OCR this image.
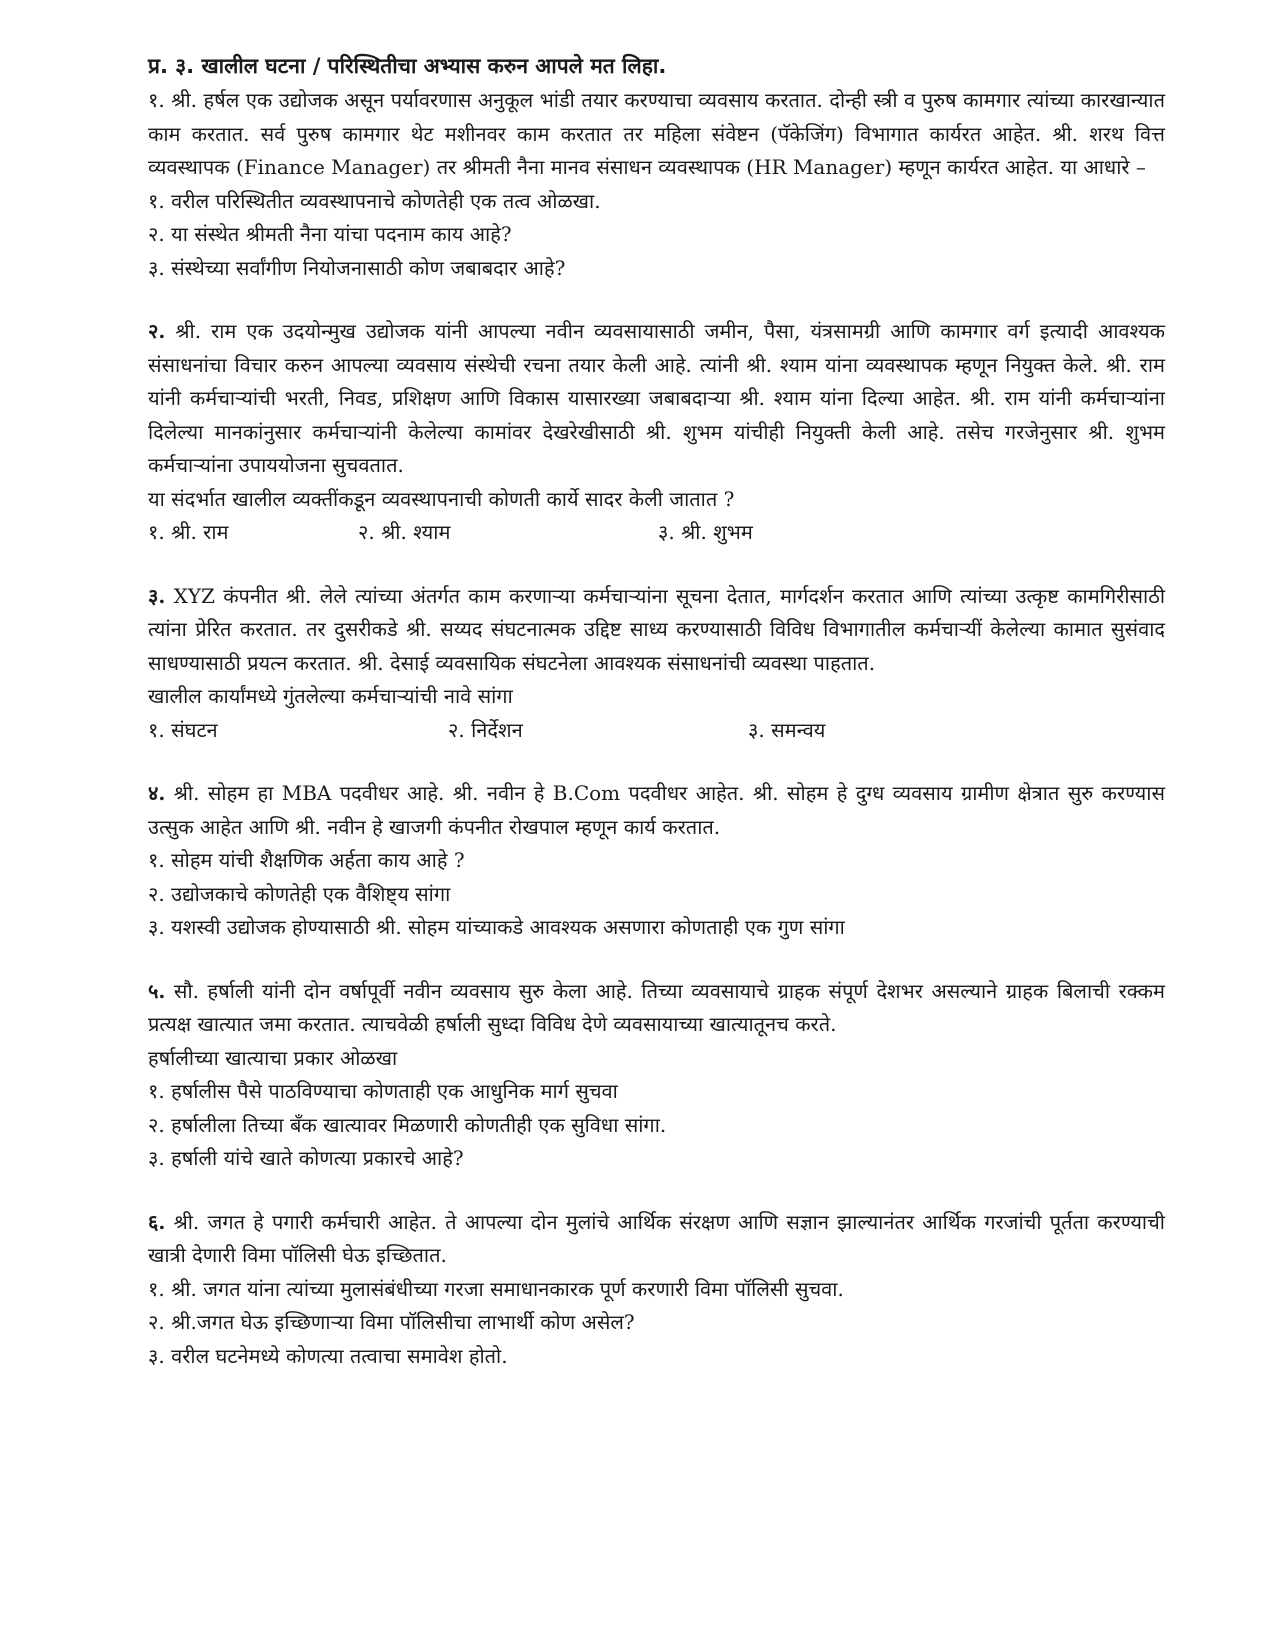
प्र. ३. खालील घटना / परिस्थितीचा अभ्यास करुन आपले मत लिहा.

१. श्री. हर्षल एक उद्योजक असून पर्यावरणास अनुकूल भांडी तयार करण्याचा व्यवसाय करतात. दोन्ही स्त्री व पुरुष कामगार त्यांच्या कारखान्यात काम करतात. सर्व पुरुष कामगार थेट मशीनवर काम करतात तर महिला संवेष्टन (पॅकेजिंग) विभागात कार्यरत आहेत. श्री. शरथ वित्त व्यवस्थापक (Finance Manager) तर श्रीमती नैना मानव संसाधन व्यवस्थापक (HR Manager) म्हणून कार्यरत आहेत. या आधारे –

१. वरील परिस्थितीत व्यवस्थापनाचे कोणतेही एक तत्व ओळखा.

२. या संस्थेत श्रीमती नैना यांचा पदनाम काय आहे?

३. संस्थेच्या सर्वांगीण नियोजनासाठी कोण जबाबदार आहे?

२. श्री. राम एक उदयोन्मुख उद्योजक यांनी आपल्या नवीन व्यवसायासाठी जमीन, पैसा, यंत्रसामग्री आणि कामगार वर्ग इत्यादी आवश्यक संसाधनांचा विचार करुन आपल्या व्यवसाय संस्थेची रचना तयार केली आहे. त्यांनी श्री. श्याम यांना व्यवस्थापक म्हणून नियुक्त केले. श्री. राम यांनी कर्मचाऱ्यांची भरती, निवड, प्रशिक्षण आणि विकास यासारख्या जबाबदाऱ्या श्री. श्याम यांना दिल्या आहेत. श्री. राम यांनी कर्मचाऱ्यांना दिलेल्या मानकांनुसार कर्मचाऱ्यांनी केलेल्या कामांवर देखरेखीसाठी श्री. शुभम यांचीही नियुक्ती केली आहे. तसेच गरजेनुसार श्री. शुभम कर्मचाऱ्यांना उपाययोजना सुचवतात.

या संदर्भात खालील व्यक्तींकडून व्यवस्थापनाची कोणती कार्ये सादर केली जातात ?

१. श्री. राम	२. श्री. श्याम	३. श्री. शुभम

३. XYZ कंपनीत श्री. लेले त्यांच्या अंतर्गत काम करणाऱ्या कर्मचाऱ्यांना सूचना देतात, मार्गदर्शन करतात आणि त्यांच्या उत्कृष्ट कामगिरीसाठी त्यांना प्रेरित करतात. तर दुसरीकडे श्री. सय्यद संघटनात्मक उद्दिष्ट साध्य करण्यासाठी विविध विभागातील कर्मचाऱ्यीं केलेल्या कामात सुसंवाद साधण्यासाठी प्रयत्न करतात. श्री. देसाई व्यवसायिक संघटनेला आवश्यक संसाधनांची व्यवस्था पाहतात.

खालील कार्यांमध्ये गुंतलेल्या कर्मचाऱ्यांची नावे सांगा

१. संघटन	२. निर्देशन	३. समन्वय

४. श्री. सोहम हा MBA पदवीधर आहे. श्री. नवीन हे B.Com पदवीधर आहेत. श्री. सोहम हे दुग्ध व्यवसाय ग्रामीण क्षेत्रात सुरु करण्यास उत्सुक आहेत आणि श्री. नवीन हे खाजगी कंपनीत रोखपाल म्हणून कार्य करतात.

१. सोहम यांची शैक्षणिक अर्हता काय आहे ?

२. उद्योजकाचे कोणतेही एक वैशिष्ट्य सांगा

३. यशस्वी उद्योजक होण्यासाठी श्री. सोहम यांच्याकडे आवश्यक असणारा कोणताही एक गुण सांगा

५. सौ. हर्षाली यांनी दोन वर्षापूर्वी नवीन व्यवसाय सुरु केला आहे. तिच्या व्यवसायाचे ग्राहक संपूर्ण देशभर असल्याने ग्राहक बिलाची रक्कम प्रत्यक्ष खात्यात जमा करतात. त्याचवेळी हर्षाली सुध्दा विविध देणे व्यवसायाच्या खात्यातूनच करते.

हर्षालीच्या खात्याचा प्रकार ओळखा

१. हर्षालीस पैसे पाठविण्याचा कोणताही एक आधुनिक मार्ग सुचवा

२. हर्षालीला तिच्या बँक खात्यावर मिळणारी कोणतीही एक सुविधा सांगा.

३. हर्षाली यांचे खाते कोणत्या प्रकारचे आहे?

६. श्री. जगत हे पगारी कर्मचारी आहेत. ते आपल्या दोन मुलांचे आर्थिक संरक्षण आणि सज्ञान झाल्यानंतर आर्थिक गरजांची पूर्तता करण्याची खात्री देणारी विमा पॉलिसी घेऊ इच्छितात.

१. श्री. जगत यांना त्यांच्या मुलासंबंधीच्या गरजा समाधानकारक पूर्ण करणारी विमा पॉलिसी सुचवा.

२. श्री.जगत घेऊ इच्छिणाऱ्या विमा पॉलिसीचा लाभार्थी कोण असेल?

३. वरील घटनेमध्ये कोणत्या तत्वाचा समावेश होतो.
